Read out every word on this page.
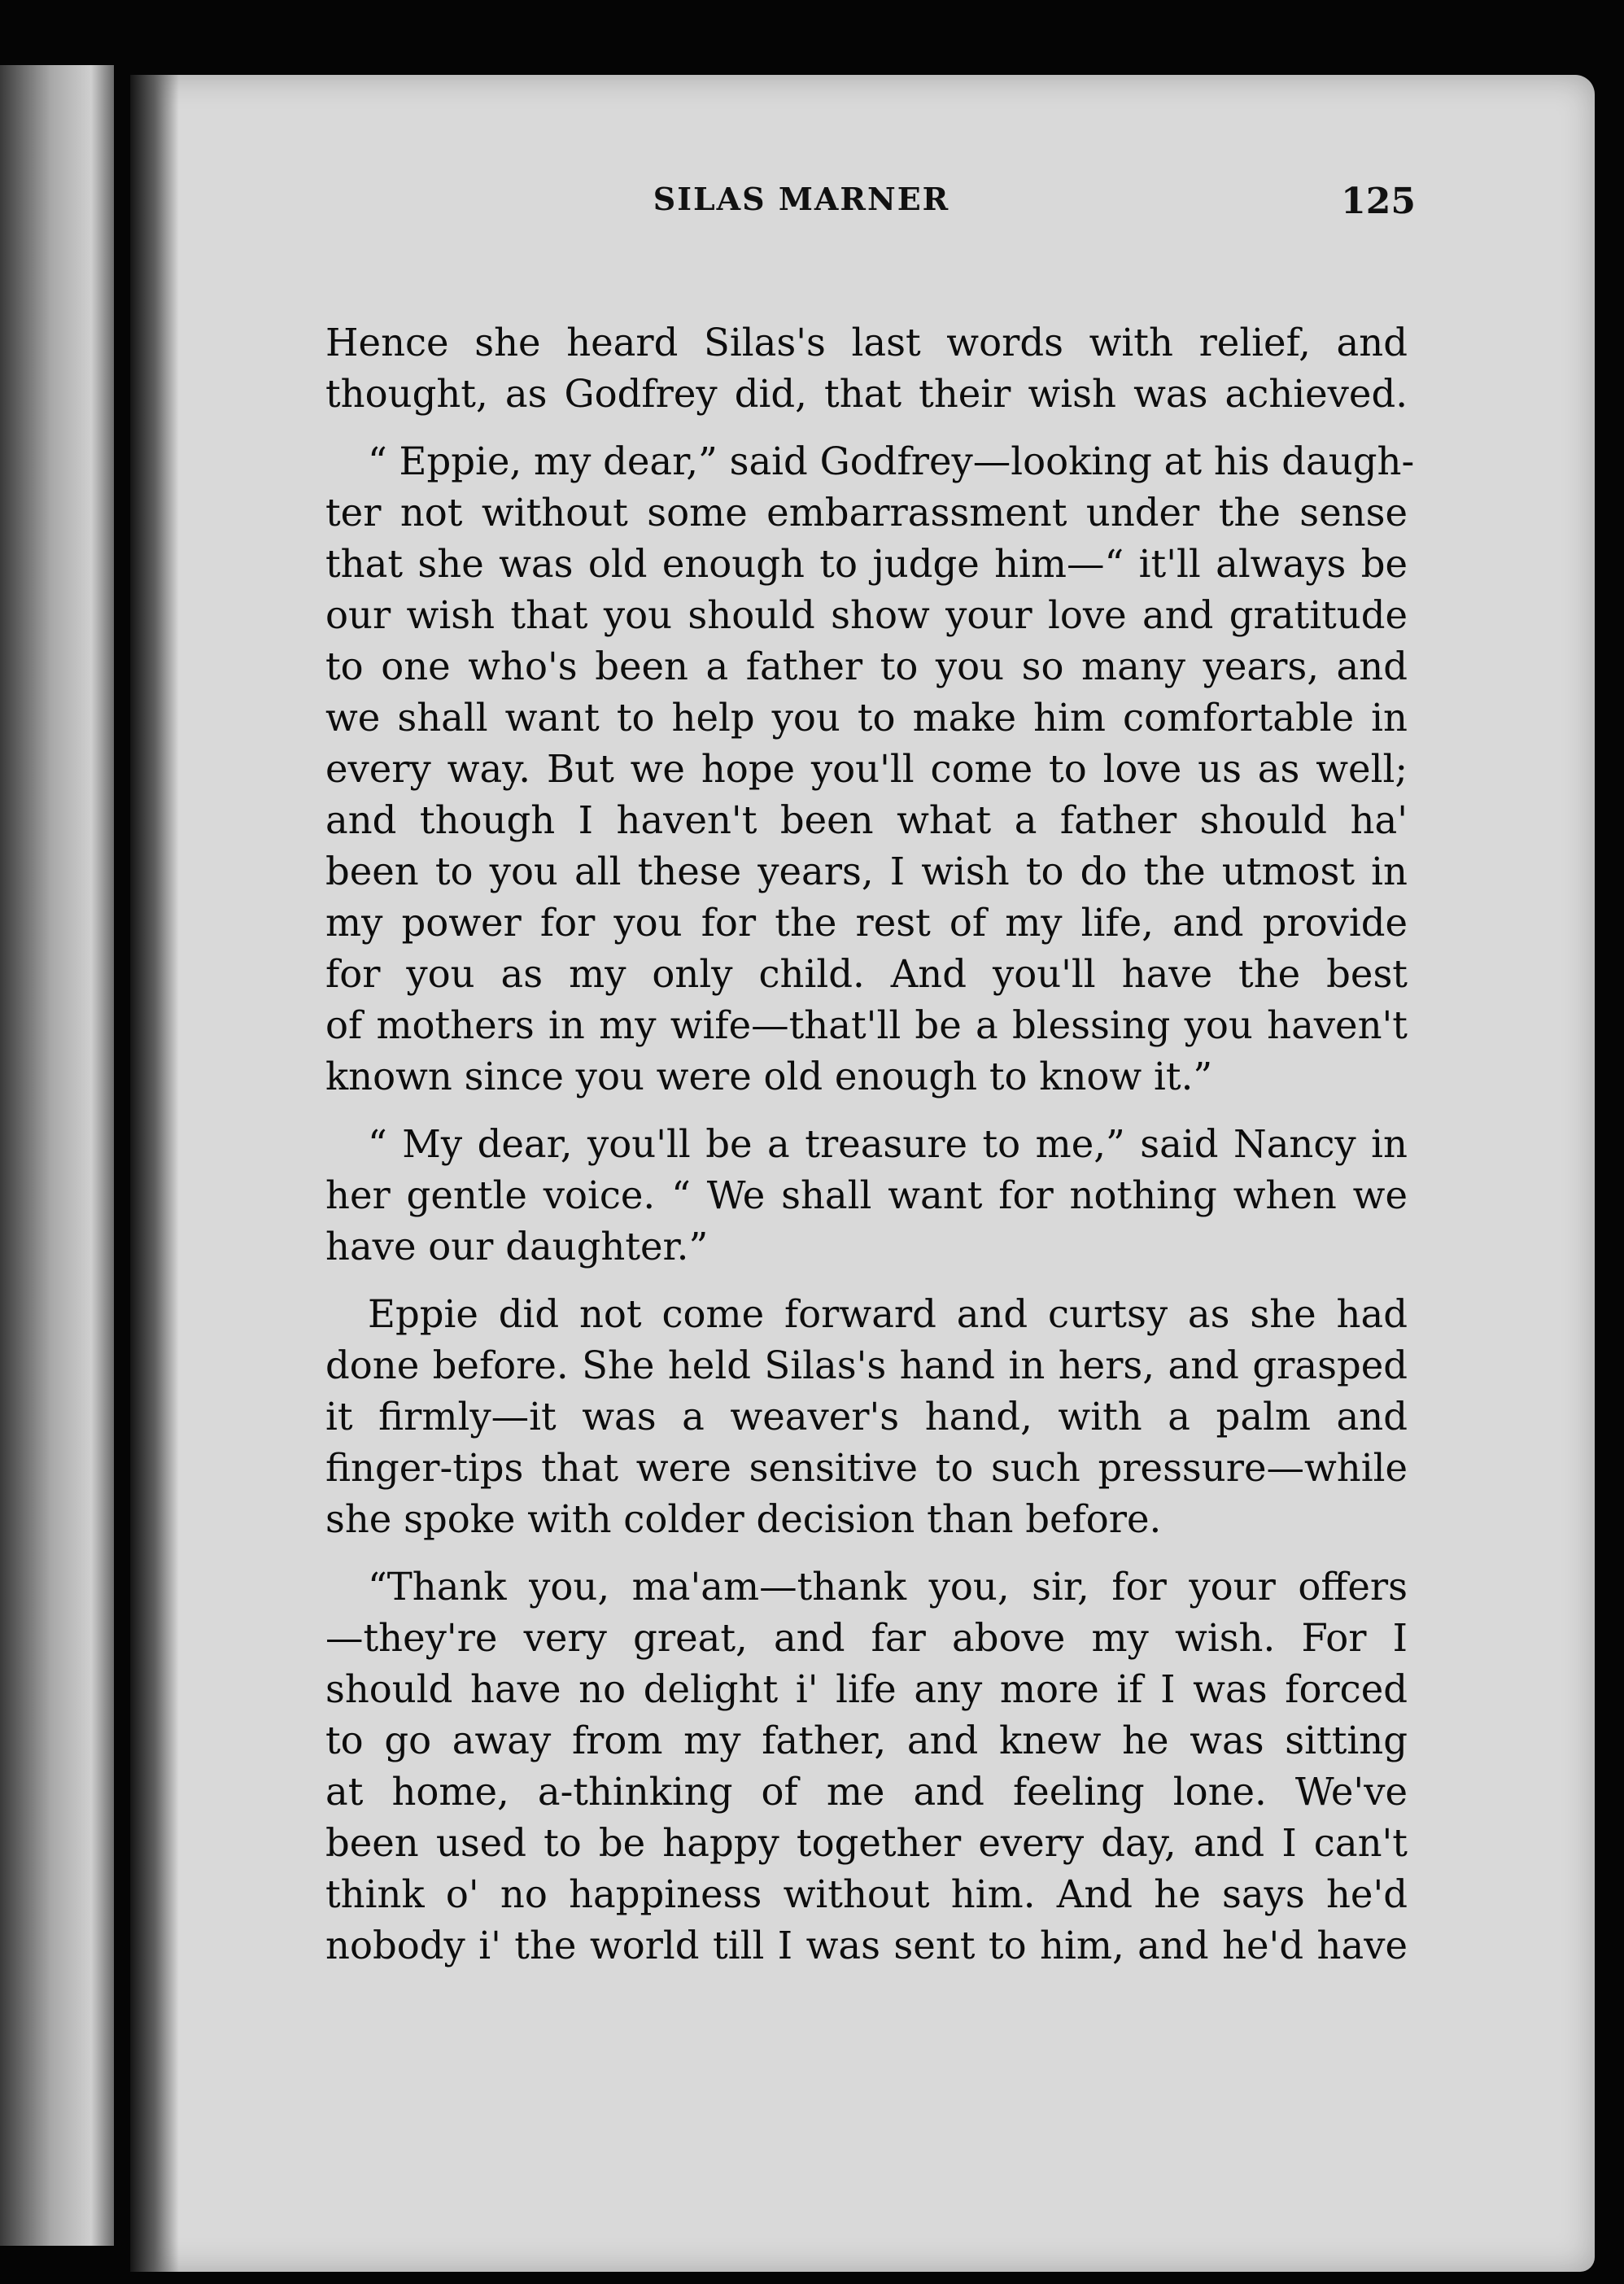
SILAS MARNER	125
Hence she heard Silas's last words with relief, and
thought, as Godfrey did, that their wish was achieved.
“ Eppie, my dear,” said Godfrey—looking at his daugh-
ter not without some embarrassment under the sense
that she was old enough to judge him—“ it'll always be
our wish that you should show your love and gratitude
to one who's been a father to you so many years, and
we shall want to help you to make him comfortable in
every way. But we hope you'll come to love us as well;
and though I haven't been what a father should ha'
been to you all these years, I wish to do the utmost in
my power for you for the rest of my life, and provide
for you as my only child. And you'll have the best
of mothers in my wife—that'll be a blessing you haven't
known since you were old enough to know it.”
“ My dear, you'll be a treasure to me,” said Nancy in
her gentle voice. “ We shall want for nothing when we
have our daughter.”
Eppie did not come forward and curtsy as she had
done before. She held Silas's hand in hers, and grasped
it firmly—it was a weaver's hand, with a palm and
finger-tips that were sensitive to such pressure—while
she spoke with colder decision than before.
“Thank you, ma'am—thank you, sir, for your offers
—they're very great, and far above my wish. For I
should have no delight i' life any more if I was forced
to go away from my father, and knew he was sitting
at home, a-thinking of me and feeling lone. We've
been used to be happy together every day, and I can't
think o' no happiness without him. And he says he'd
nobody i' the world till I was sent to him, and he'd have
